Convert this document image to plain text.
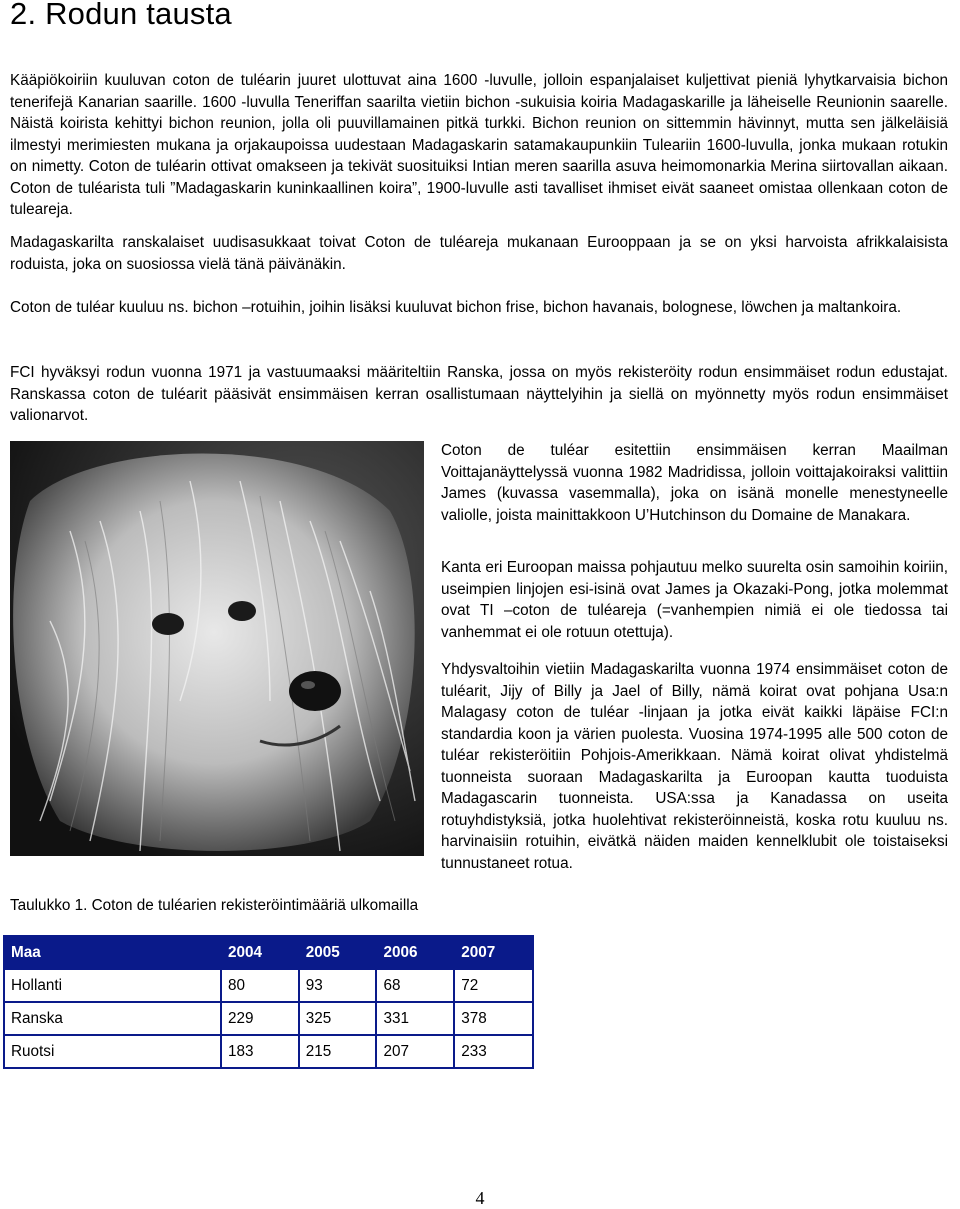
2. Rodun tausta

Kääpiökoiriin kuuluvan coton de tuléarin juuret ulottuvat aina 1600 -luvulle, jolloin espanjalaiset kuljettivat pieniä lyhytkarvaisia bichon tenerifejä Kanarian saarille. 1600 -luvulla Teneriffan saarilta vietiin bichon -sukuisia koiria Madagaskarille ja läheiselle Reunionin saarelle. Näistä koirista kehittyi bichon reunion, jolla oli puuvillamainen pitkä turkki. Bichon reunion on sittemmin hävinnyt, mutta sen jälkeläisiä ilmestyi merimiesten mukana ja orjakaupoissa uudestaan Madagaskarin satamakaupunkiin Tuleariin 1600-luvulla, jonka mukaan rotukin on nimetty. Coton de tuléarin ottivat omakseen ja tekivät suosituiksi Intian meren saarilla asuva heimomonarkia Merina siirtovallan aikaan. Coton de tuléarista tuli ”Madagaskarin kuninkaallinen koira”, 1900-luvulle asti tavalliset ihmiset eivät saaneet omistaa ollenkaan coton de tuleareja.

Madagaskarilta ranskalaiset uudisasukkaat toivat Coton de tuléareja mukanaan Eurooppaan ja se on yksi harvoista afrikkalaisista roduista, joka on suosiossa vielä tänä päivänäkin.

Coton de tuléar kuuluu ns. bichon –rotuihin, joihin lisäksi kuuluvat bichon frise, bichon havanais, bolognese, löwchen ja maltankoira.

FCI hyväksyi rodun vuonna 1971 ja vastuumaaksi määriteltiin Ranska, jossa on myös rekisteröity rodun ensimmäiset rodun edustajat. Ranskassa coton de tuléarit pääsivät ensimmäisen kerran osallistumaan näyttelyihin ja siellä on myönnetty myös rodun ensimmäiset valionarvot.

Coton de tuléar esitettiin ensimmäisen kerran Maailman Voittajanäyttelyssä vuonna 1982 Madridissa, jolloin voittajakoiraksi valittiin James (kuvassa vasemmalla), joka on isänä monelle menestyneelle valiolle, joista mainittakkoon U’Hutchinson du Domaine de Manakara.

Kanta eri Euroopan maissa pohjautuu melko suurelta osin samoihin koiriin, useimpien linjojen esi-isinä ovat James ja Okazaki-Pong, jotka molemmat ovat TI –coton de tuléareja (=vanhempien nimiä ei ole tiedossa tai vanhemmat ei ole rotuun otettuja).

Yhdysvaltoihin vietiin Madagaskarilta vuonna 1974 ensimmäiset coton de tuléarit, Jijy of Billy ja Jael of Billy, nämä koirat ovat pohjana Usa:n Malagasy coton de tuléar -linjaan ja jotka eivät kaikki läpäise FCI:n standardia koon ja värien puolesta. Vuosina 1974-1995 alle 500 coton de tuléar rekisteröitiin Pohjois-Amerikkaan. Nämä koirat olivat yhdistelmä tuonneista suoraan Madagaskarilta ja Euroopan kautta tuoduista Madagascarin tuonneista. USA:ssa ja Kanadassa on useita rotuyhdistyksiä, jotka huolehtivat rekisteröinneistä, koska rotu kuuluu ns. harvinaisiin rotuihin, eivätkä näiden maiden kennelklubit ole toistaiseksi tunnustaneet rotua.

Taulukko 1. Coton de tuléarien rekisteröintimääriä ulkomailla
Maa	2004	2005	2006	2007
Hollanti	80	93	68	72
Ranska	229	325	331	378
Ruotsi	183	215	207	233
4
